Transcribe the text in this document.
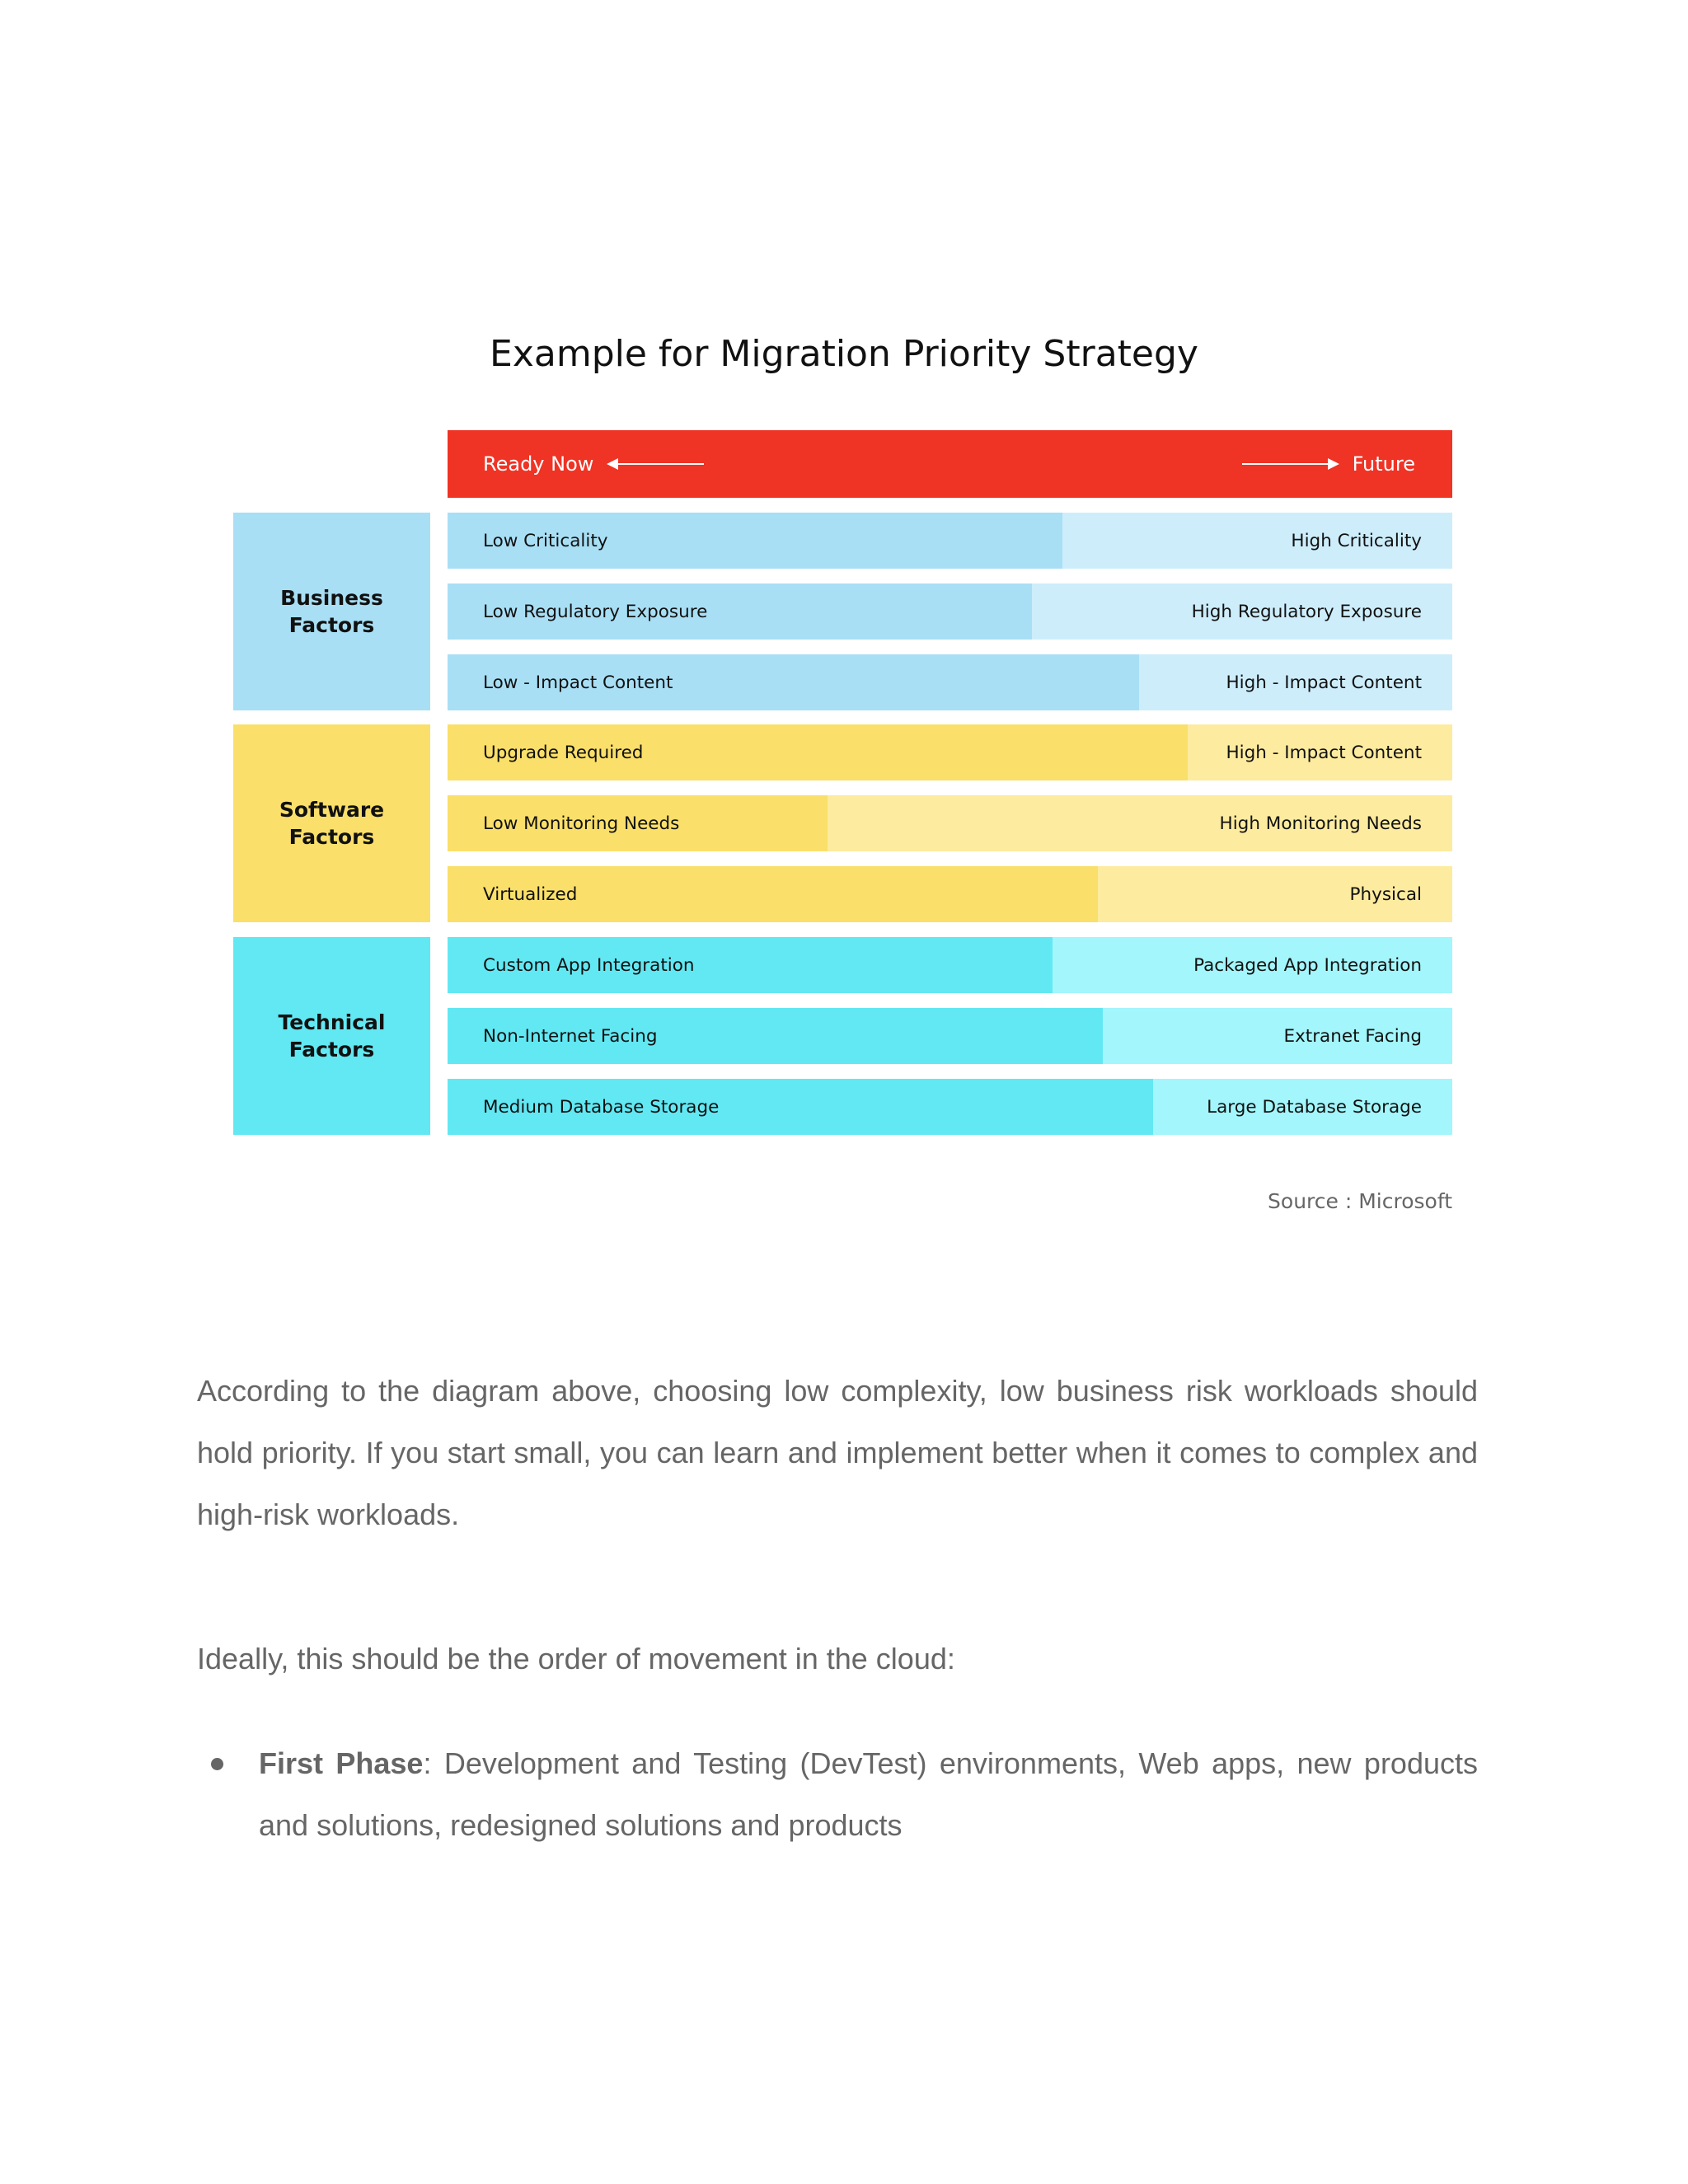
Example for Migration Priority Strategy
Ready Now	Future
Business
Factors
Low Criticality	High Criticality
Low Regulatory Exposure	High Regulatory Exposure
Low - Impact Content	High - Impact Content
Software
Factors
Upgrade Required	High - Impact Content
Low Monitoring Needs	High Monitoring Needs
Virtualized	Physical
Technical
Factors
Custom App Integration	Packaged App Integration
Non-Internet Facing	Extranet Facing
Medium Database Storage	Large Database Storage
Source : Microsoft

According to the diagram above, choosing low complexity, low business risk workloads should hold priority. If you start small, you can learn and implement better when it comes to complex and high-risk workloads.

Ideally, this should be the order of movement in the cloud:

First Phase: Development and Testing (DevTest) environments, Web apps, new products and solutions, redesigned solutions and products
